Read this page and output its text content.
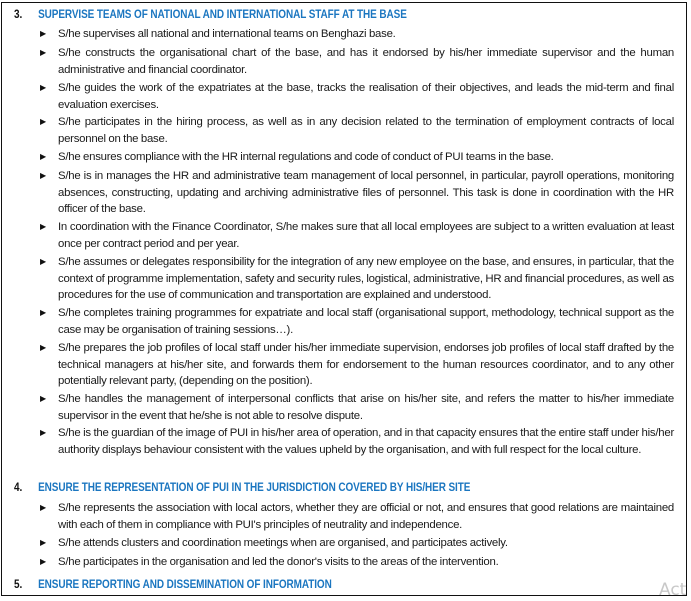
3. SUPERVISE TEAMS OF NATIONAL AND INTERNATIONAL STAFF AT THE BASE
▶ S/he supervises all national and international teams on Benghazi base.
▶ S/he constructs the organisational chart of the base, and has it endorsed by his/her immediate supervisor and the human administrative and financial coordinator.
▶ S/he guides the work of the expatriates at the base, tracks the realisation of their objectives, and leads the mid-term and final evaluation exercises.
▶ S/he participates in the hiring process, as well as in any decision related to the termination of employment contracts of local personnel on the base.
▶ S/he ensures compliance with the HR internal regulations and code of conduct of PUI teams in the base.
▶ S/he is in manages the HR and administrative team management of local personnel, in particular, payroll operations, monitoring absences, constructing, updating and archiving administrative files of personnel. This task is done in coordination with the HR officer of the base.
▶ In coordination with the Finance Coordinator, S/he makes sure that all local employees are subject to a written evaluation at least once per contract period and per year.
▶ S/he assumes or delegates responsibility for the integration of any new employee on the base, and ensures, in particular, that the context of programme implementation, safety and security rules, logistical, administrative, HR and financial procedures, as well as procedures for the use of communication and transportation are explained and understood.
▶ S/he completes training programmes for expatriate and local staff (organisational support, methodology, technical support as the case may be organisation of training sessions…).
▶ S/he prepares the job profiles of local staff under his/her immediate supervision, endorses job profiles of local staff drafted by the technical managers at his/her site, and forwards them for endorsement to the human resources coordinator, and to any other potentially relevant party, (depending on the position).
▶ S/he handles the management of interpersonal conflicts that arise on his/her site, and refers the matter to his/her immediate supervisor in the event that he/she is not able to resolve dispute.
▶ S/he is the guardian of the image of PUI in his/her area of operation, and in that capacity ensures that the entire staff under his/her authority displays behaviour consistent with the values upheld by the organisation, and with full respect for the local culture.
4. ENSURE THE REPRESENTATION OF PUI IN THE JURISDICTION COVERED BY HIS/HER SITE
▶ S/he represents the association with local actors, whether they are official or not, and ensures that good relations are maintained with each of them in compliance with PUI's principles of neutrality and independence.
▶ S/he attends clusters and coordination meetings when are organised, and participates actively.
▶ S/he participates in the organisation and led the donor's visits to the areas of the intervention.
5. ENSURE REPORTING AND DISSEMINATION OF INFORMATION	Act
